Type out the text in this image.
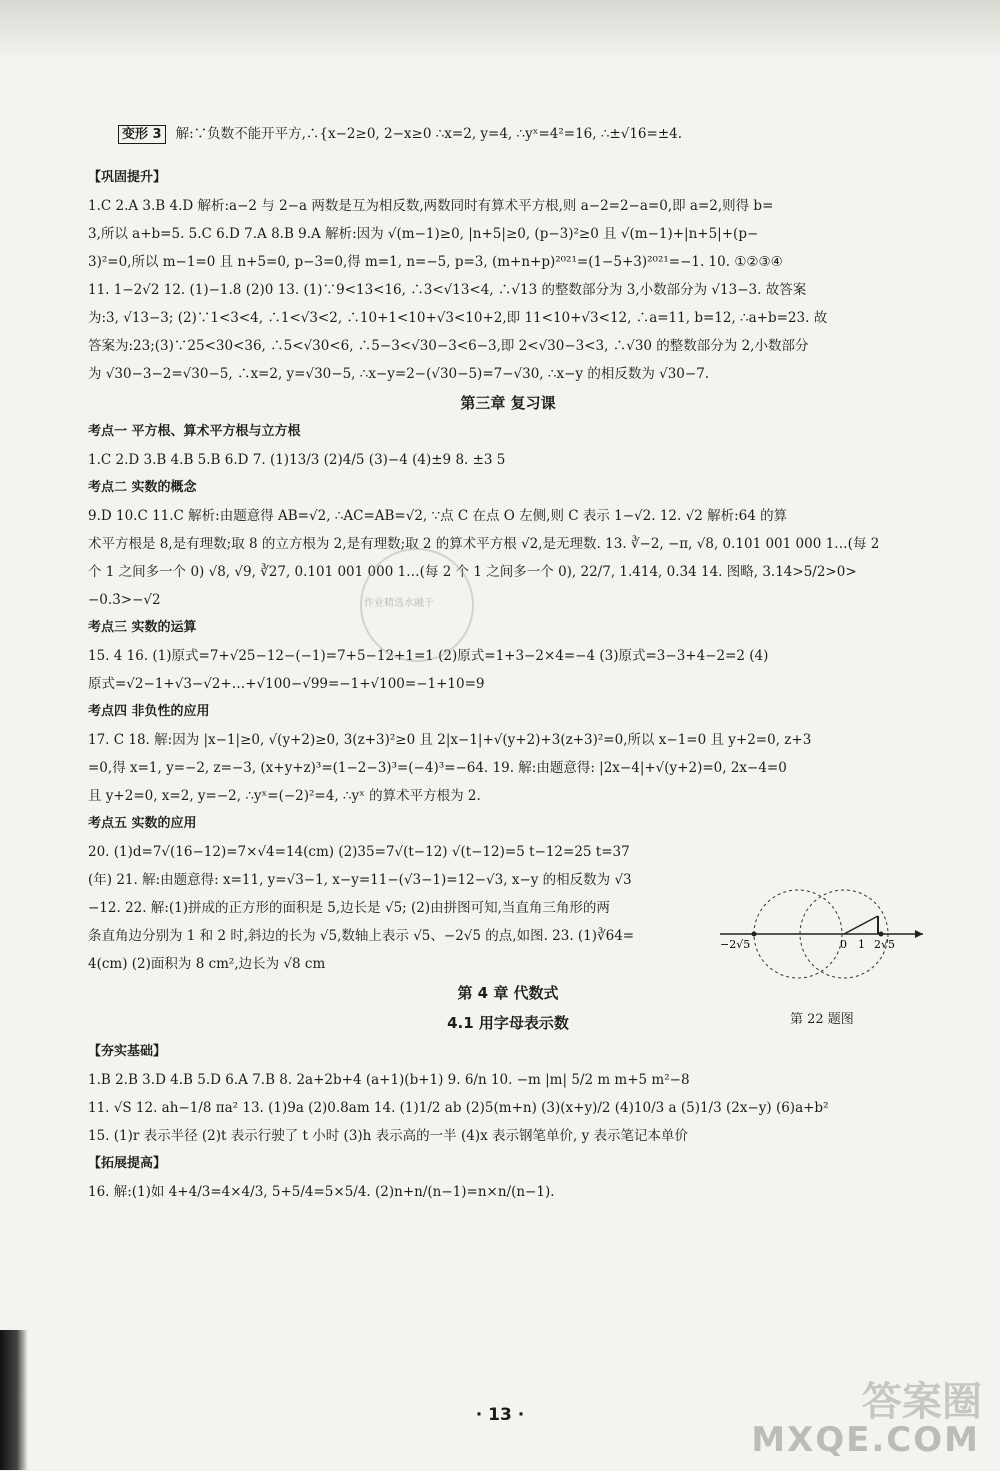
变形 3 解:∵负数不能开平方,∴{x−2≥0, 2−x≥0 ∴x=2, y=4, ∴yˣ=4²=16, ∴±√16=±4.

【巩固提升】

1.C 2.A 3.B 4.D 解析:a−2 与 2−a 两数是互为相反数,两数同时有算术平方根,则 a−2=2−a=0,即 a=2,则得 b=

3,所以 a+b=5. 5.C 6.D 7.A 8.B 9.A 解析:因为 √(m−1)≥0, |n+5|≥0, (p−3)²≥0 且 √(m−1)+|n+5|+(p−

3)²=0,所以 m−1=0 且 n+5=0, p−3=0,得 m=1, n=−5, p=3, (m+n+p)²⁰²¹=(1−5+3)²⁰²¹=−1. 10. ①②③④

11. 1−2√2 12. (1)−1.8 (2)0 13. (1)∵9<13<16, ∴3<√13<4, ∴√13 的整数部分为 3,小数部分为 √13−3. 故答案

为:3, √13−3; (2)∵1<3<4, ∴1<√3<2, ∴10+1<10+√3<10+2,即 11<10+√3<12, ∴a=11, b=12, ∴a+b=23. 故

答案为:23;(3)∵25<30<36, ∴5<√30<6, ∴5−3<√30−3<6−3,即 2<√30−3<3, ∴√30 的整数部分为 2,小数部分

为 √30−3−2=√30−5, ∴x=2, y=√30−5, ∴x−y=2−(√30−5)=7−√30, ∴x−y 的相反数为 √30−7.

第三章 复习课

考点一 平方根、算术平方根与立方根

1.C 2.D 3.B 4.B 5.B 6.D 7. (1)13/3 (2)4/5 (3)−4 (4)±9 8. ±3 5

考点二 实数的概念

9.D 10.C 11.C 解析:由题意得 AB=√2, ∴AC=AB=√2, ∵点 C 在点 O 左侧,则 C 表示 1−√2. 12. √2 解析:64 的算

术平方根是 8,是有理数;取 8 的立方根为 2,是有理数;取 2 的算术平方根 √2,是无理数. 13. ∛−2, −π, √8, 0.101 001 000 1…(每 2

个 1 之间多一个 0) √8, √9, ∛27, 0.101 001 000 1…(每 2 个 1 之间多一个 0), 22/7, 1.414, 0.3̇4̇ 14. 图略, 3.14>5/2>0>

−0.3̇>−√2

考点三 实数的运算

15. 4 16. (1)原式=7+√25−12−(−1)=7+5−12+1=1 (2)原式=1+3−2×4=−4 (3)原式=3−3+4−2=2 (4)

原式=√2−1+√3−√2+…+√100−√99=−1+√100=−1+10=9

考点四 非负性的应用

17. C 18. 解:因为 |x−1|≥0, √(y+2)≥0, 3(z+3)²≥0 且 2|x−1|+√(y+2)+3(z+3)²=0,所以 x−1=0 且 y+2=0, z+3

=0,得 x=1, y=−2, z=−3, (x+y+z)³=(1−2−3)³=(−4)³=−64. 19. 解:由题意得: |2x−4|+√(y+2)=0, 2x−4=0

且 y+2=0, x=2, y=−2, ∴yˣ=(−2)²=4, ∴yˣ 的算术平方根为 2.

考点五 实数的应用

20. (1)d=7√(16−12)=7×√4=14(cm) (2)35=7√(t−12) √(t−12)=5 t−12=25 t=37

(年) 21. 解:由题意得: x=11, y=√3−1, x−y=11−(√3−1)=12−√3, x−y 的相反数为 √3

−12. 22. 解:(1)拼成的正方形的面积是 5,边长是 √5; (2)由拼图可知,当直角三角形的两

条直角边分别为 1 和 2 时,斜边的长为 √5,数轴上表示 √5、−2√5 的点,如图. 23. (1)∛64=

4(cm) (2)面积为 8 cm²,边长为 √8 cm

第 4 章 代数式

4.1 用字母表示数

【夯实基础】

1.B 2.B 3.D 4.B 5.D 6.A 7.B 8. 2a+2b+4 (a+1)(b+1) 9. 6/n 10. −m |m| 5/2 m m+5 m²−8

11. √S 12. ah−1/8 πa² 13. (1)9a (2)0.8am 14. (1)1/2 ab (2)5(m+n) (3)(x+y)/2 (4)10/3 a (5)1/3 (2x−y) (6)a+b²

15. (1)r 表示半径 (2)t 表示行驶了 t 小时 (3)h 表示高的一半 (4)x 表示钢笔单价, y 表示笔记本单价

【拓展提高】

16. 解:(1)如 4+4/3=4×4/3, 5+5/4=5×5/4. (2)n+n/(n−1)=n×n/(n−1).

−2√5	0 1 2√5
第 22 题图
作业精选水融于
· 13 ·	答案圈
MXQE.COM
